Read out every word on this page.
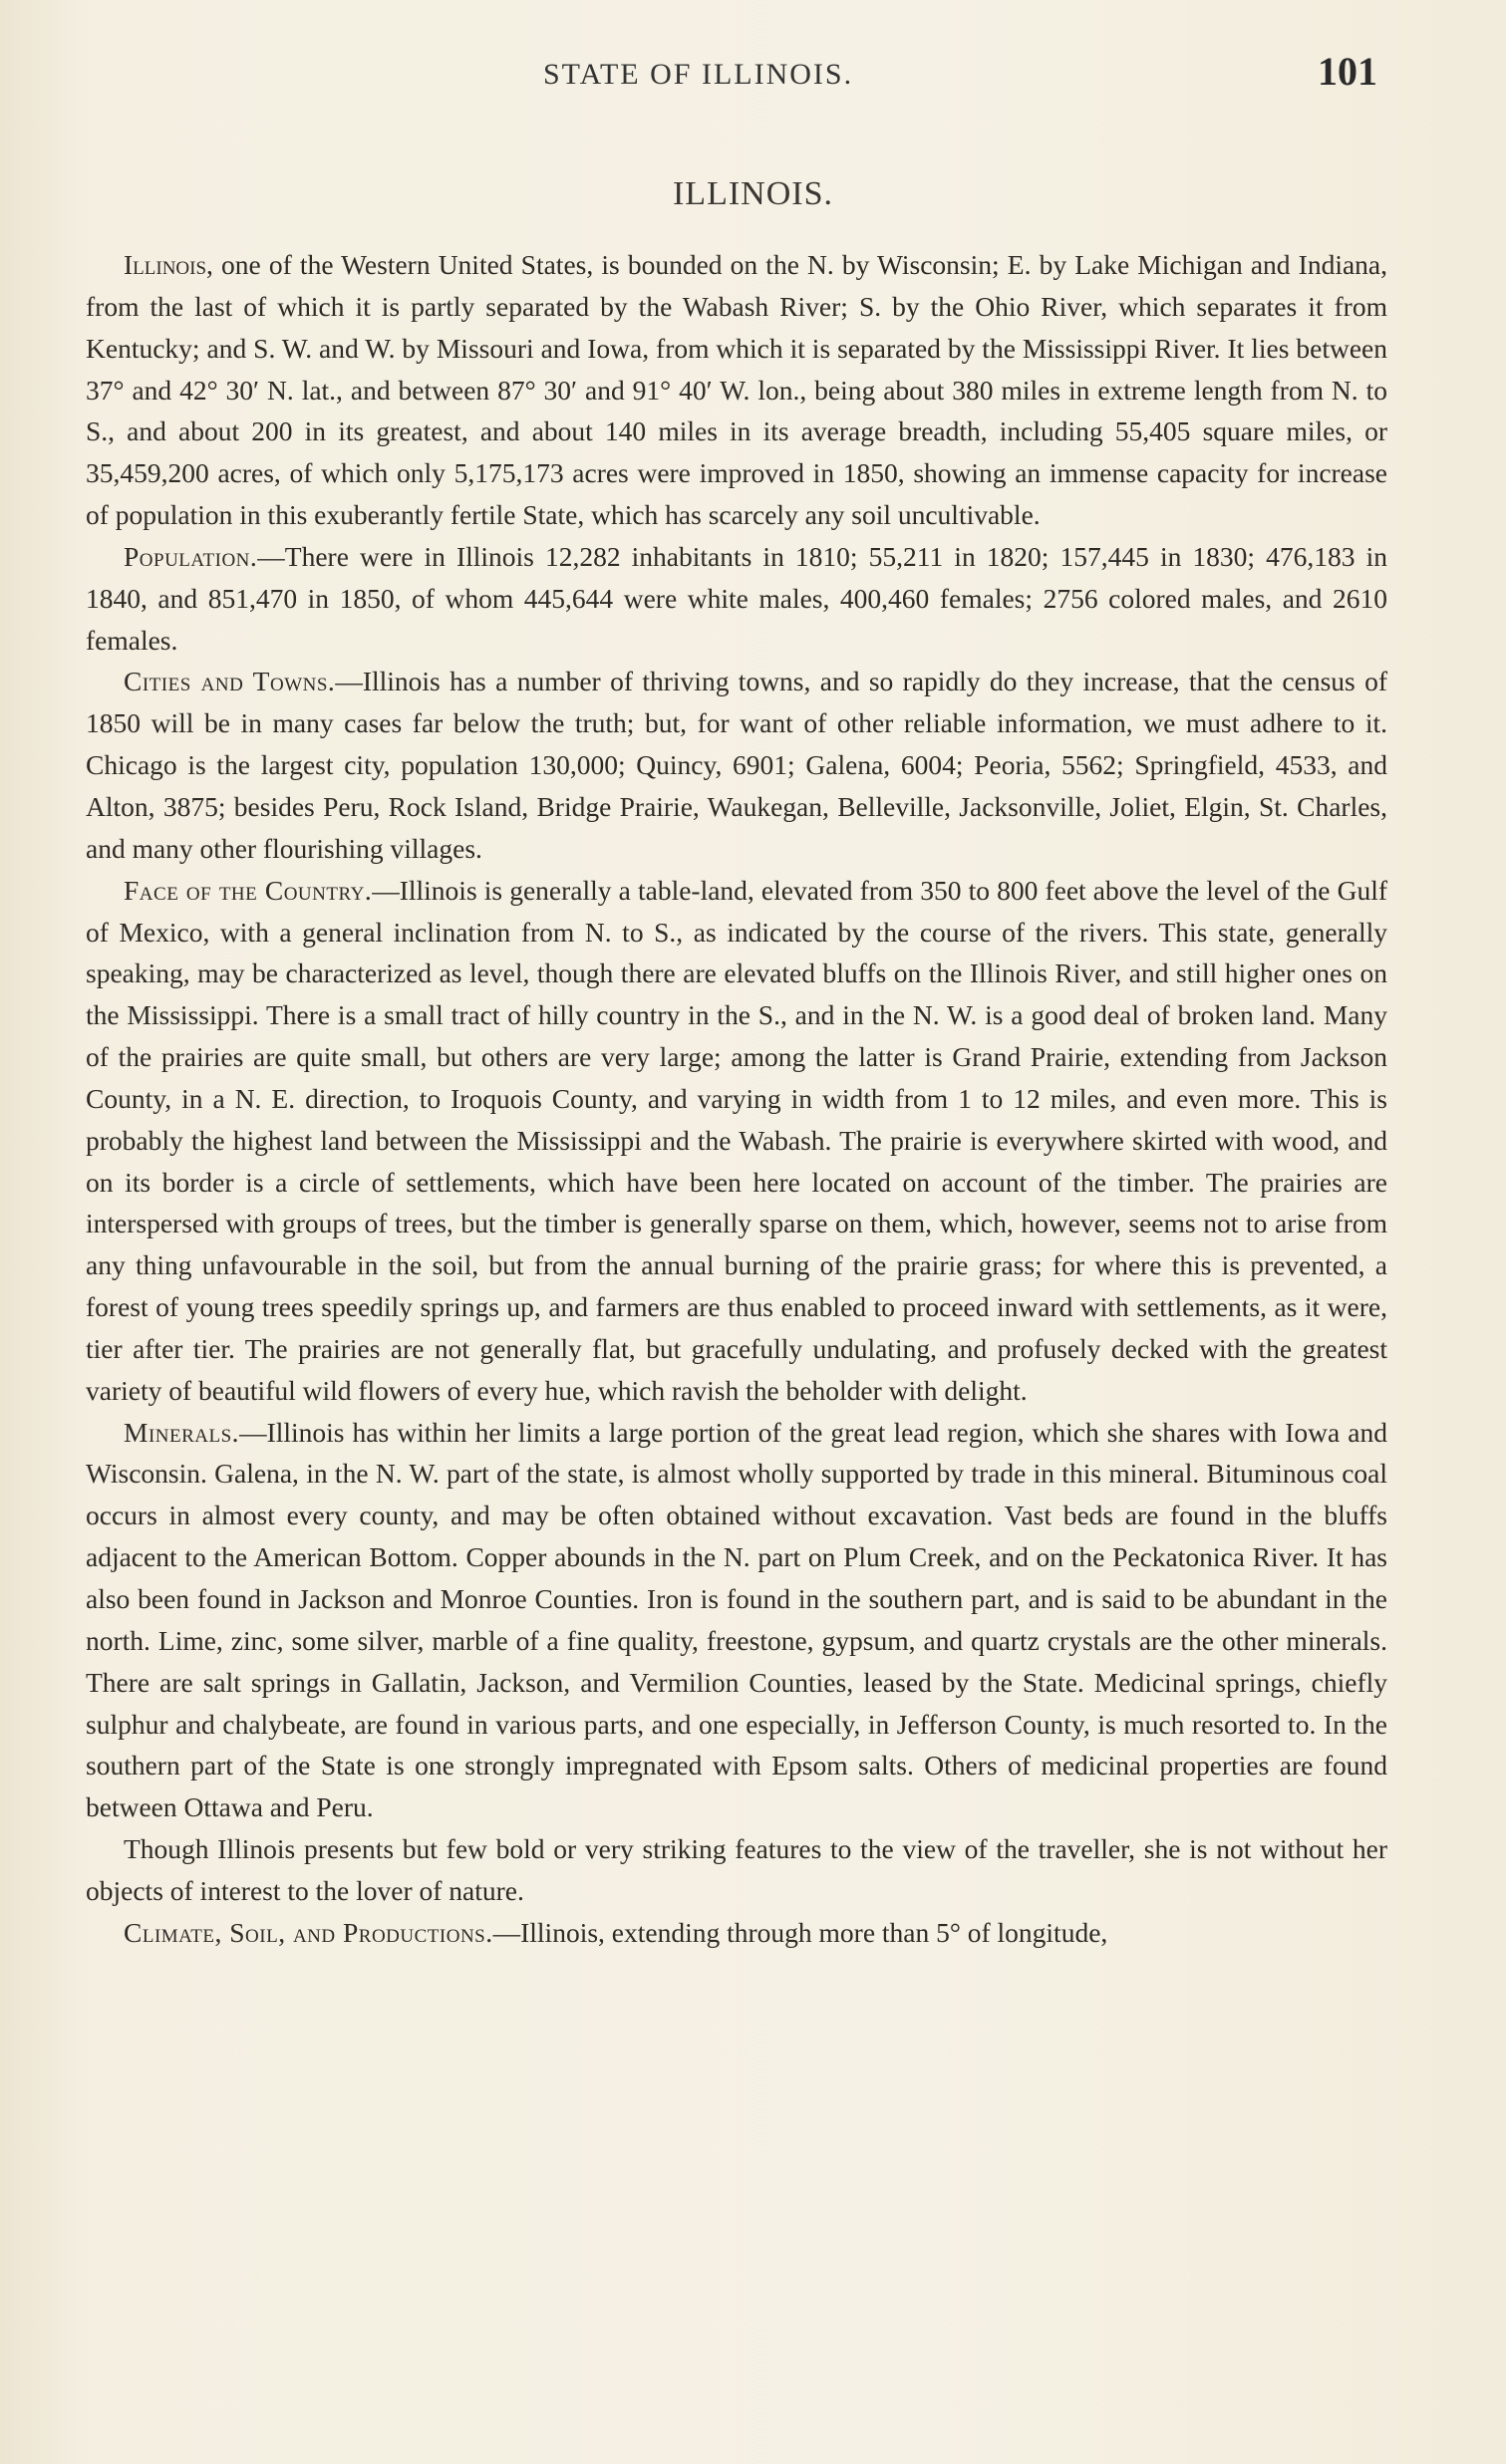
STATE OF ILLINOIS.	101
ILLINOIS.

Illinois, one of the Western United States, is bounded on the N. by Wisconsin; E. by Lake Michigan and Indiana, from the last of which it is partly separated by the Wabash River; S. by the Ohio River, which separates it from Kentucky; and S. W. and W. by Missouri and Iowa, from which it is separated by the Mississippi River. It lies between 37° and 42° 30′ N. lat., and between 87° 30′ and 91° 40′ W. lon., being about 380 miles in extreme length from N. to S., and about 200 in its greatest, and about 140 miles in its average breadth, including 55,405 square miles, or 35,459,200 acres, of which only 5,175,173 acres were improved in 1850, showing an immense capacity for increase of population in this exuberantly fertile State, which has scarcely any soil uncultivable.

Population.—There were in Illinois 12,282 inhabitants in 1810; 55,211 in 1820; 157,445 in 1830; 476,183 in 1840, and 851,470 in 1850, of whom 445,644 were white males, 400,460 females; 2756 colored males, and 2610 females.

Cities and Towns.—Illinois has a number of thriving towns, and so rapidly do they increase, that the census of 1850 will be in many cases far below the truth; but, for want of other reliable information, we must adhere to it. Chicago is the largest city, population 130,000; Quincy, 6901; Galena, 6004; Peoria, 5562; Springfield, 4533, and Alton, 3875; besides Peru, Rock Island, Bridge Prairie, Waukegan, Belleville, Jacksonville, Joliet, Elgin, St. Charles, and many other flourishing villages.

Face of the Country.—Illinois is generally a table-land, elevated from 350 to 800 feet above the level of the Gulf of Mexico, with a general inclination from N. to S., as indicated by the course of the rivers. This state, generally speaking, may be characterized as level, though there are elevated bluffs on the Illinois River, and still higher ones on the Mississippi. There is a small tract of hilly country in the S., and in the N. W. is a good deal of broken land. Many of the prairies are quite small, but others are very large; among the latter is Grand Prairie, extending from Jackson County, in a N. E. direction, to Iroquois County, and varying in width from 1 to 12 miles, and even more. This is probably the highest land between the Mississippi and the Wabash. The prairie is everywhere skirted with wood, and on its border is a circle of settlements, which have been here located on account of the timber. The prairies are interspersed with groups of trees, but the timber is generally sparse on them, which, however, seems not to arise from any thing unfavourable in the soil, but from the annual burning of the prairie grass; for where this is prevented, a forest of young trees speedily springs up, and farmers are thus enabled to proceed inward with settlements, as it were, tier after tier. The prairies are not generally flat, but gracefully undulating, and profusely decked with the greatest variety of beautiful wild flowers of every hue, which ravish the beholder with delight.

Minerals.—Illinois has within her limits a large portion of the great lead region, which she shares with Iowa and Wisconsin. Galena, in the N. W. part of the state, is almost wholly supported by trade in this mineral. Bituminous coal occurs in almost every county, and may be often obtained without excavation. Vast beds are found in the bluffs adjacent to the American Bottom. Copper abounds in the N. part on Plum Creek, and on the Peckatonica River. It has also been found in Jackson and Monroe Counties. Iron is found in the southern part, and is said to be abundant in the north. Lime, zinc, some silver, marble of a fine quality, freestone, gypsum, and quartz crystals are the other minerals. There are salt springs in Gallatin, Jackson, and Vermilion Counties, leased by the State. Medicinal springs, chiefly sulphur and chalybeate, are found in various parts, and one especially, in Jefferson County, is much resorted to. In the southern part of the State is one strongly impregnated with Epsom salts. Others of medicinal properties are found between Ottawa and Peru.

Though Illinois presents but few bold or very striking features to the view of the traveller, she is not without her objects of interest to the lover of nature.

Climate, Soil, and Productions.—Illinois, extending through more than 5° of longitude,
